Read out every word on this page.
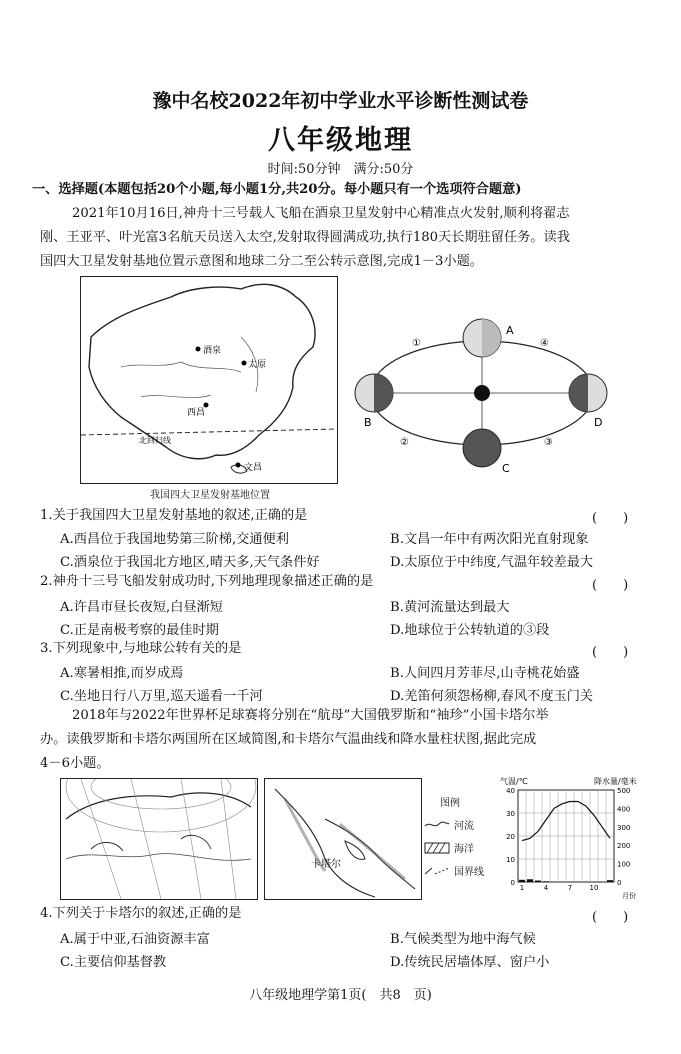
豫中名校2022年初中学业水平诊断性测试卷
八年级地理
时间:50分钟　满分:50分
一、选择题(本题包括20个小题,每小题1分,共20分。每小题只有一个选项符合题意)
2021年10月16日,神舟十三号载人飞船在酒泉卫星发射中心精准点火发射,顺利将翟志
刚、王亚平、叶光富3名航天员送入太空,发射取得圆满成功,执行180天长期驻留任务。读我
国四大卫星发射基地位置示意图和地球二分二至公转示意图,完成1－3小题。
酒泉
太原
西昌
北回归线
文昌
我国四大卫星发射基地位置
A
B
C
D
①
②	③
④
1.关于我国四大卫星发射基地的叙述,正确的是	(　　)
A.西昌位于我国地势第三阶梯,交通便利	B.文昌一年中有两次阳光直射现象
C.酒泉位于我国北方地区,晴天多,天气条件好	D.太原位于中纬度,气温年较差最大
2.神舟十三号飞船发射成功时,下列地理现象描述正确的是	(　　)
A.许昌市昼长夜短,白昼渐短	B.黄河流量达到最大
C.正是南极考察的最佳时期	D.地球位于公转轨道的③段
3.下列现象中,与地球公转有关的是	(　　)
A.寒暑相推,而岁成焉	B.人间四月芳菲尽,山寺桃花始盛
C.坐地日行八万里,巡天遥看一千河	D.羌笛何须怨杨柳,春风不度玉门关
2018年与2022年世界杯足球赛将分别在“航母”大国俄罗斯和“袖珍”小国卡塔尔举
办。读俄罗斯和卡塔尔两国所在区域简图,和卡塔尔气温曲线和降水量柱状图,据此完成
4－6小题。
卡塔尔
图例
河流
海洋
国界线
气温/℃	降水量/毫米
月份
40
30
20
10
0
500
400
300
200
100
0
1	4	7 10
4.下列关于卡塔尔的叙述,正确的是	(　　)
A.属于中亚,石油资源丰富	B.气候类型为地中海气候
C.主要信仰基督教	D.传统民居墙体厚、窗户小
八年级地理学第1页(　共8　页)
